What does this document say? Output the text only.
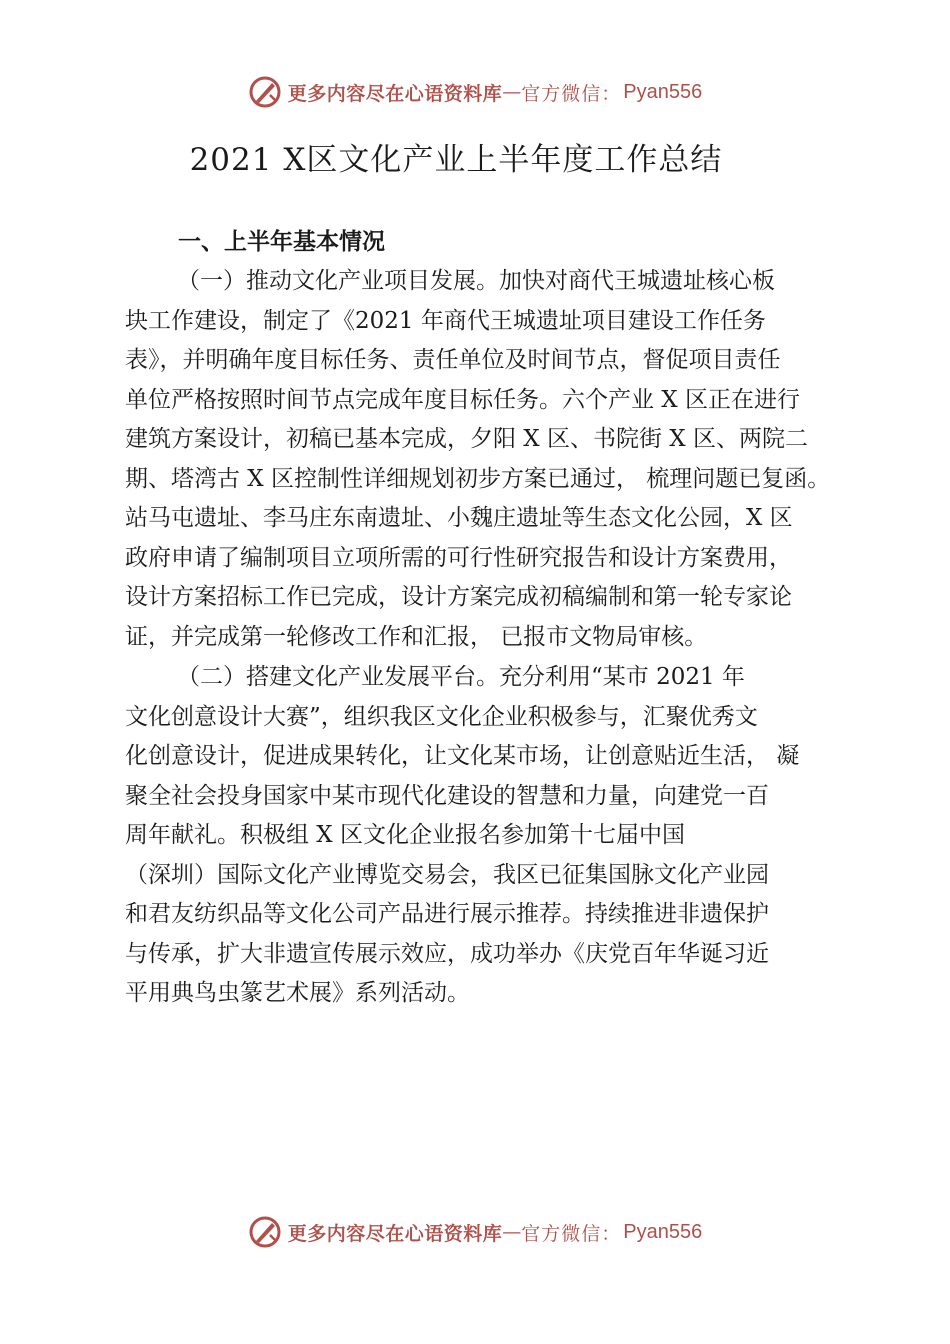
更多内容尽在心语资料库 — 官方微信： Pyan556
2021 X区文化产业上半年度工作总结
一、上半年基本情况
（一）推动文化产业项目发展。加快对商代王城遗址核心板
块工作建设，制定了《2021 年商代王城遗址项目建设工作任务
表》，并明确年度目标任务、责任单位及时间节点，督促项目责任
单位严格按照时间节点完成年度目标任务。六个产业 X 区正在进行
建筑方案设计，初稿已基本完成，夕阳 X 区、书院街 X 区、两院二
期、塔湾古 X 区控制性详细规划初步方案已通过， 梳理问题已复函。
站马屯遗址、李马庄东南遗址、小魏庄遗址等生态文化公园，X 区
政府申请了编制项目立项所需的可行性研究报告和设计方案费用，
设计方案招标工作已完成，设计方案完成初稿编制和第一轮专家论
证，并完成第一轮修改工作和汇报， 已报市文物局审核。
（二）搭建文化产业发展平台。充分利用“某市 2021 年
文化创意设计大赛”，组织我区文化企业积极参与，汇聚优秀文
化创意设计，促进成果转化，让文化某市场，让创意贴近生活， 凝
聚全社会投身国家中某市现代化建设的智慧和力量，向建党一百
周年献礼。积极组 X 区文化企业报名参加第十七届中国
（深圳）国际文化产业博览交易会，我区已征集国脉文化产业园
和君友纺织品等文化公司产品进行展示推荐。持续推进非遗保护
与传承，扩大非遗宣传展示效应，成功举办《庆党百年华诞习近
平用典鸟虫篆艺术展》系列活动。
更多内容尽在心语资料库 — 官方微信： Pyan556
